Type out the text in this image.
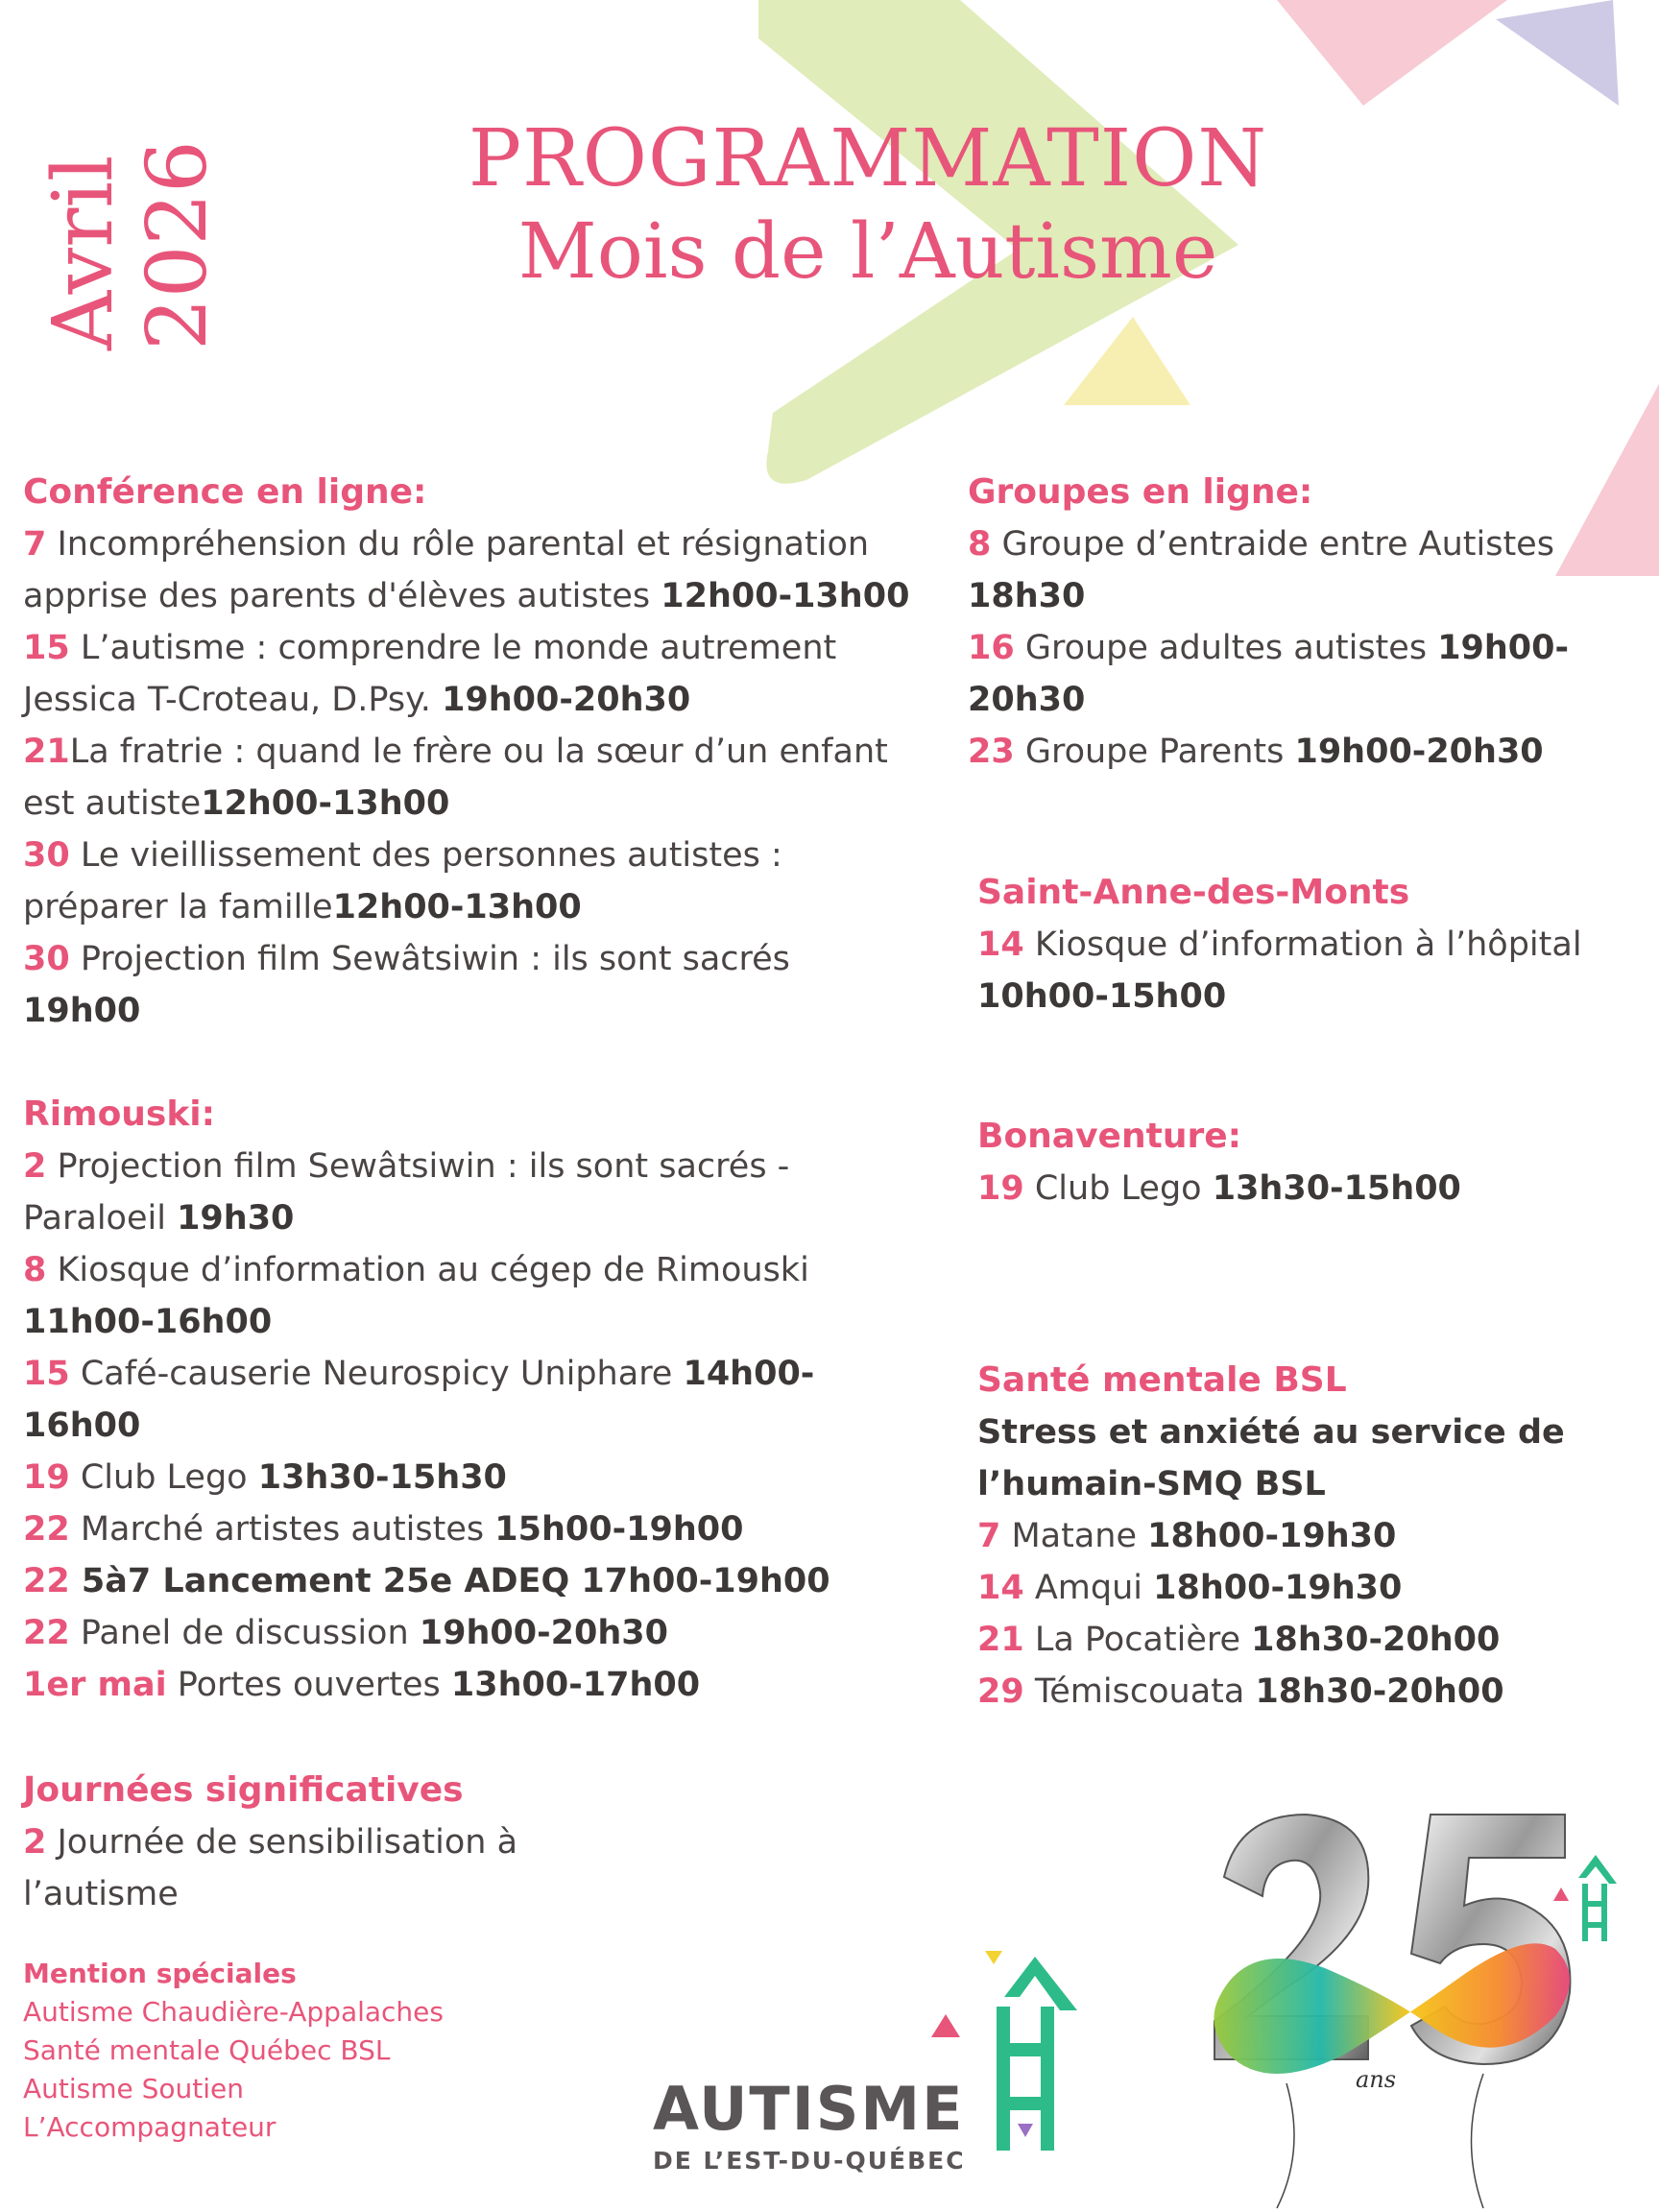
Avril
2026	PROGRAMMATION
Mois de l’Autisme

Conférence en ligne:

7 Incompréhension du rôle parental et résignation

apprise des parents d'élèves autistes 12h00-13h00

15 L’autisme : comprendre le monde autrement

Jessica T-Croteau, D.Psy. 19h00-20h30

21La fratrie : quand le frère ou la sœur d’un enfant

est autiste12h00-13h00

30 Le vieillissement des personnes autistes :

préparer la famille12h00-13h00

30 Projection film Sewâtsiwin : ils sont sacrés

19h00

Rimouski:

2 Projection film Sewâtsiwin : ils sont sacrés -

Paraloeil 19h30

8 Kiosque d’information au cégep de Rimouski

11h00-16h00

15 Café-causerie Neurospicy Uniphare 14h00-

16h00

19 Club Lego 13h30-15h30

22 Marché artistes autistes 15h00-19h00

22 5à7 Lancement 25e ADEQ 17h00-19h00

22 Panel de discussion 19h00-20h30

1er mai Portes ouvertes 13h00-17h00

Journées significatives

2 Journée de sensibilisation à

l’autisme

Mention spéciales
Autisme Chaudière-Appalaches
Santé mentale Québec BSL
Autisme Soutien
L’Accompagnateur

Groupes en ligne:

8 Groupe d’entraide entre Autistes

18h30

16 Groupe adultes autistes 19h00-

20h30

23 Groupe Parents 19h00-20h30

Saint-Anne-des-Monts

14 Kiosque d’information à l’hôpital

10h00-15h00

Bonaventure:

19 Club Lego 13h30-15h00

Santé mentale BSL

Stress et anxiété au service de

l’humain-SMQ BSL

7 Matane 18h00-19h30

14 Amqui 18h00-19h30

21 La Pocatière 18h30-20h00

29 Témiscouata 18h30-20h00

AUTISME
DE L’EST-DU-QUÉBEC
ans
